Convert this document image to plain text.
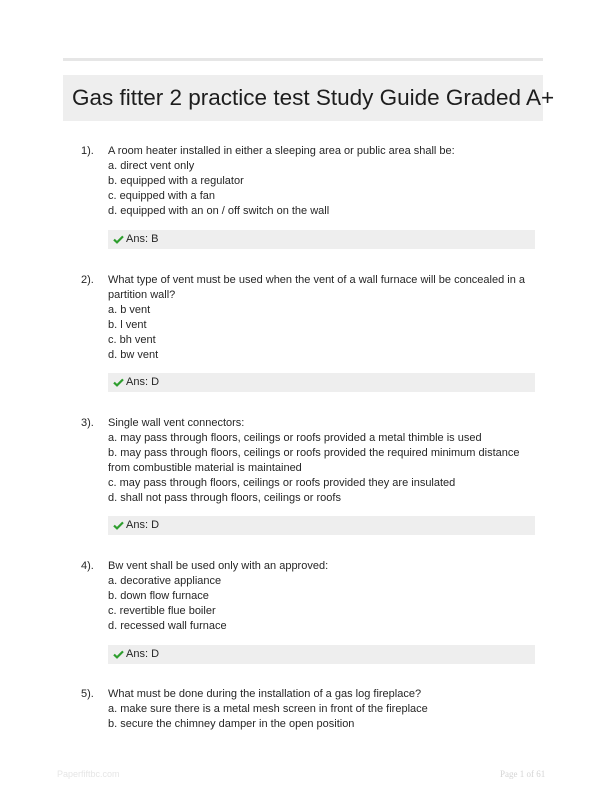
Gas fitter 2 practice test Study Guide Graded A+
1). A room heater installed in either a sleeping area or public area shall be:
a. direct vent only
b. equipped with a regulator
c. equipped with a fan
d. equipped with an on / off switch on the wall
Ans: B
2). What type of vent must be used when the vent of a wall furnace will be concealed in a partition wall?
a. b vent
b. l vent
c. bh vent
d. bw vent
Ans: D
3). Single wall vent connectors:
a. may pass through floors, ceilings or roofs provided a metal thimble is used
b. may pass through floors, ceilings or roofs provided the required minimum distance from combustible material is maintained
c. may pass through floors, ceilings or roofs provided they are insulated
d. shall not pass through floors, ceilings or roofs
Ans: D
4). Bw vent shall be used only with an approved:
a. decorative appliance
b. down flow furnace
c. revertible flue boiler
d. recessed wall furnace
Ans: D
5). What must be done during the installation of a gas log fireplace?
a. make sure there is a metal mesh screen in front of the fireplace
b. secure the chimney damper in the open position
Paperfiftbc.com	Page 1 of 61
